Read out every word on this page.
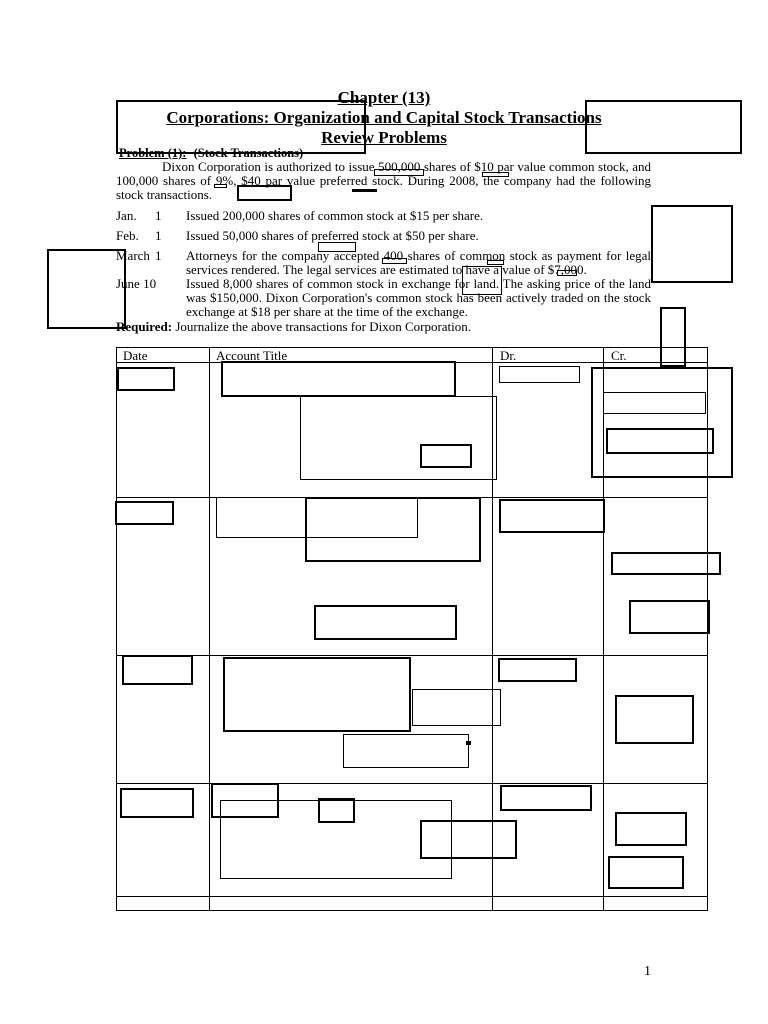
Chapter (13)
Corporations: Organization and Capital Stock Transactions
Review Problems
Problem (1): (Stock Transactions)
Dixon Corporation is authorized to issue 500,000 shares of $10 par value common stock, and 100,000 shares of 9%, $40 par value preferred stock. During 2008, the company had the following stock transactions.
Jan. 1 Issued 200,000 shares of common stock at $15 per share.
Feb. 1 Issued 50,000 shares of preferred stock at $50 per share.
March 1 Attorneys for the company accepted 400 shares of common stock as payment for legal services rendered. The legal services are estimated to have a value of $7,000.
June 10 Issued 8,000 shares of common stock in exchange for land. The asking price of the land was $150,000. Dixon Corporation's common stock has been actively traded on the stock exchange at $18 per share at the time of the exchange.
Required: Journalize the above transactions for Dixon Corporation.
Date	Account Title	Dr.	Cr.
1
